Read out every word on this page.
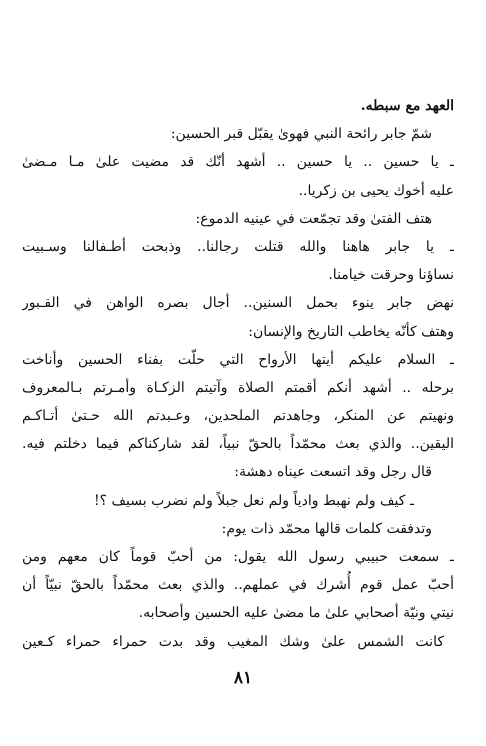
العهد مع سبطه.
شمّ جابر رائحة النبي فهوىٰ يقبّل قبر الحسين:
ـ يا حسين .. يا حسين .. أشهد أنّك قد مضيت علىٰ مـا مـضىٰ
عليه أخوك يحيى بن زكريا..
هتف الفتىٰ وقد تجمّعت في عينيه الدموع:
ـ يا جابر هاهنا والله قتلت رجالنا.. وذبحت أطـفالنا وسـبيت
نساؤنا وحرقت خيامنا.
نهض جابر ينوء بحمل السنين.. أجال بصره الواهن في القـبور
وهتف كأنّه يخاطب التاريخ والإنسان:
ـ السلام عليكم أيتها الأرواح التي حلّت بفناء الحسين وأناخت
برحله .. أشهد أنكم أقمتم الصلاة وآتيتم الزكـاة وأمـرتم بـالمعروف
ونهيتم عن المنكر، وجاهدتم الملحدين، وعـبدتم الله حـتىٰ أتـاكـم
اليقين.. والذي بعث محمّداً بالحقّ نبياً، لقد شاركناكم فيما دخلتم فيه.
قال رجل وقد اتسعت عيناه دهشة:
ـ كيف ولم نهبط وادياً ولم نعل جبلاً ولم نضرب بسيف ؟!
وتدفقت كلمات قالها محمّد ذات يوم:
ـ سمعت حبيبي رسول الله يقول: من أحبّ قوماً كان معهم ومن
أحبّ عمل قوم أُشرك في عملهم.. والذي بعث محمّداً بالحقّ نبيّاً أن
نيتي ونيّة أصحابي علىٰ ما مضىٰ عليه الحسين وأصحابه.
كانت الشمس علىٰ وشك المغيب وقد بدت حمراء حمراء كـعين
٨١
